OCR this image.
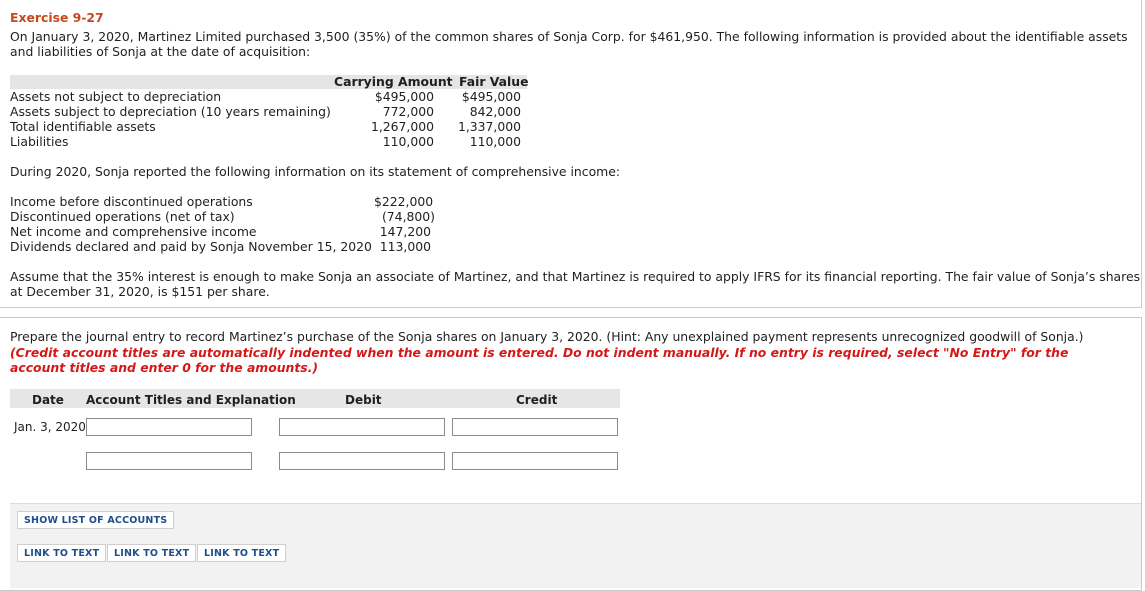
Exercise 9-27
On January 3, 2020, Martinez Limited purchased 3,500 (35%) of the common shares of Sonja Corp. for $461,950. The following information is provided about the identifiable assets
and liabilities of Sonja at the date of acquisition:
Carrying Amount Fair Value
Assets not subject to depreciation	$495,000	$495,000
Assets subject to depreciation (10 years remaining)	772,000	842,000
Total identifiable assets	1,267,000	1,337,000
Liabilities	110,000	110,000
During 2020, Sonja reported the following information on its statement of comprehensive income:
Income before discontinued operations	$222,000
Discontinued operations (net of tax)	(74,800)
Net income and comprehensive income	147,200
Dividends declared and paid by Sonja November 15, 2020 113,000
Assume that the 35% interest is enough to make Sonja an associate of Martinez, and that Martinez is required to apply IFRS for its financial reporting. The fair value of Sonja’s shares
at December 31, 2020, is $151 per share.
Prepare the journal entry to record Martinez’s purchase of the Sonja shares on January 3, 2020. (Hint: Any unexplained payment represents unrecognized goodwill of Sonja.) (Credit account titles are automatically indented when the amount is entered. Do not indent manually. If no entry is required, select "No Entry" for the account titles and enter 0 for the amounts.)
Date Account Titles and Explanation	Debit	Credit
Jan. 3, 2020
SHOW LIST OF ACCOUNTS
LINK TO TEXT	LINK TO TEXT	LINK TO TEXT
